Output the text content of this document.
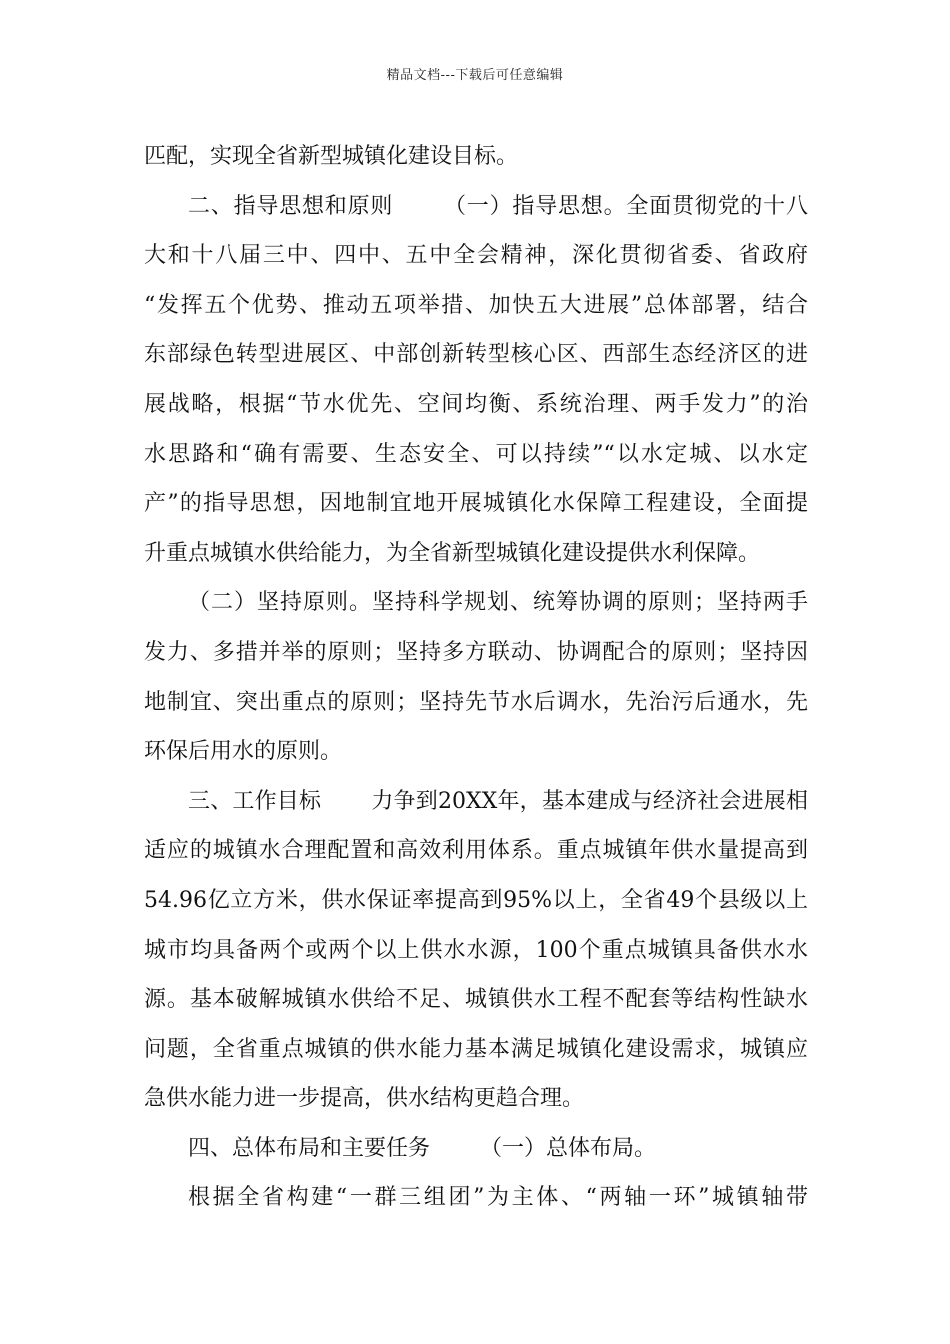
精品文档---下载后可任意编辑
匹配，实现全省新型城镇化建设目标。
二、指导思想和原则 （一）指导思想。全面贯彻党的十八
大和十八届三中、四中、五中全会精神，深化贯彻省委、省政府
“发挥五个优势、推动五项举措、加快五大进展”总体部署，结合
东部绿色转型进展区、中部创新转型核心区、西部生态经济区的进
展战略，根据“节水优先、空间均衡、系统治理、两手发力”的治
水思路和“确有需要、生态安全、可以持续”“以水定城、以水定
产”的指导思想，因地制宜地开展城镇化水保障工程建设，全面提
升重点城镇水供给能力，为全省新型城镇化建设提供水利保障。
（二）坚持原则。坚持科学规划、统筹协调的原则；坚持两手
发力、多措并举的原则；坚持多方联动、协调配合的原则；坚持因
地制宜、突出重点的原则；坚持先节水后调水，先治污后通水，先
环保后用水的原则。
三、工作目标 力争到20XX年，基本建成与经济社会进展相
适应的城镇水合理配置和高效利用体系。重点城镇年供水量提高到
54.96亿立方米，供水保证率提高到95%以上，全省49个县级以上
城市均具备两个或两个以上供水水源，100个重点城镇具备供水水
源。基本破解城镇水供给不足、城镇供水工程不配套等结构性缺水
问题，全省重点城镇的供水能力基本满足城镇化建设需求，城镇应
急供水能力进一步提高，供水结构更趋合理。
四、总体布局和主要任务 （一）总体布局。
根据全省构建“一群三组团”为主体、“两轴一环”城镇轴带
